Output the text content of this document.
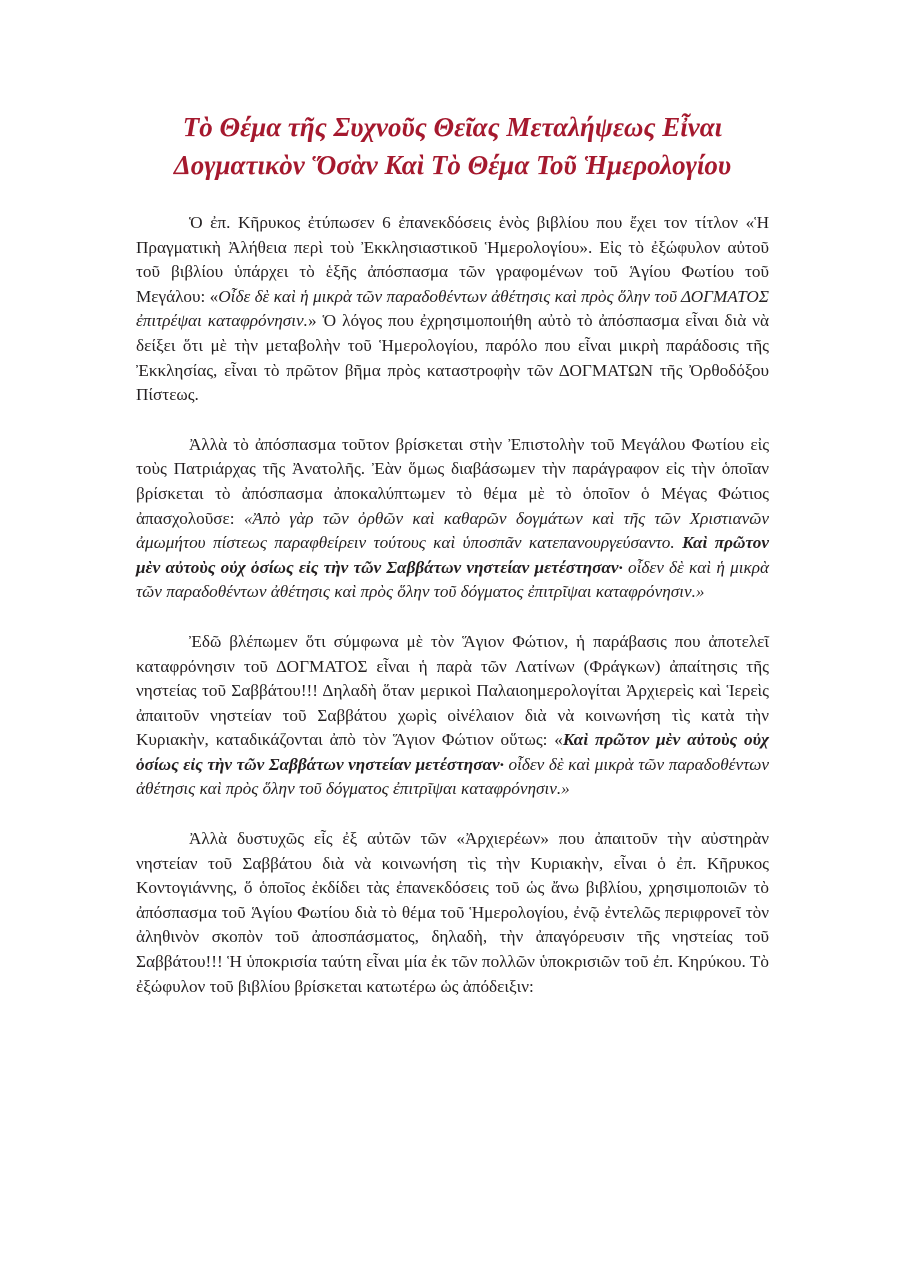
Τὸ Θέμα τῆς Συχνοῦς Θεῖας Μεταλήψεως Εἶναι
Δογματικὸν Ὅσὰν Καὶ Τὸ Θέμα Τοῦ Ἡμερολογίου

Ὁ ἐπ. Κῆρυκος ἐτύπωσεν 6 ἐπανεκδόσεις ἑνὸς βιβλίου που ἔχει τον τίτλον «Ἡ Πραγματικὴ Ἀλήθεια περὶ τοὺ Ἐκκλησιαστικοῦ Ἡμερολογίου». Εἰς τὸ ἐξώφυλον αὐτοῦ τοῦ βιβλίου ὑπάρχει τὸ ἑξῆς ἀπόσπασμα τῶν γραφομένων τοῦ Ἁγίου Φωτίου τοῦ Μεγάλου: «Οἶδε δὲ καὶ ἡ μικρὰ τῶν παραδοθέντων ἀθέτησις καὶ πρὸς ὅλην τοῦ ΔΟΓΜΑΤΟΣ ἐπιτρέψαι καταφρόνησιν.» Ὁ λόγος που ἐχρησιμοποιήθη αὐτὸ τὸ ἀπόσπασμα εἶναι διὰ νὰ δείξει ὅτι μὲ τὴν μεταβολὴν τοῦ Ἡμερολογίου, παρόλο που εἶναι μικρὴ παράδοσις τῆς Ἐκκλησίας, εἶναι τὸ πρῶτον βῆμα πρὸς καταστροφὴν τῶν ΔΟΓΜΑΤΩΝ τῆς Ὀρθοδόξου Πίστεως.

Ἀλλὰ τὸ ἀπόσπασμα τοῦτον βρίσκεται στὴν Ἐπιστολὴν τοῦ Μεγάλου Φωτίου εἰς τοὺς Πατριάρχας τῆς Ἀνατολῆς. Ἐὰν ὅμως διαβάσωμεν τὴν παράγραφον εἰς τὴν ὁποῖαν βρίσκεται τὸ ἀπόσπασμα ἀποκαλύπτωμεν τὸ θέμα μὲ τὸ ὁποῖον ὁ Μέγας Φώτιος ἀπασχολοῦσε: «Ἀπὸ γὰρ τῶν ὀρθῶν καὶ καθαρῶν δογμάτων καὶ τῆς τῶν Χριστιανῶν ἀμωμήτου πίστεως παραφθείρειν τούτους καὶ ὑποσπᾶν κατεπανουργεύσαντο. Καὶ πρῶτον μὲν αὐτοὺς οὐχ ὁσίως εἰς τὴν τῶν Σαββάτων νηστείαν μετέστησαν· οἶδεν δὲ καὶ ἡ μικρὰ τῶν παραδοθέντων ἀθέτησις καὶ πρὸς ὅλην τοῦ δόγματος ἐπιτρῖψαι καταφρόνησιν.»

Ἐδῶ βλέπωμεν ὅτι σύμφωνα μὲ τὸν Ἅγιον Φώτιον, ἡ παράβασις που ἀποτελεῖ καταφρόνησιν τοῦ ΔΟΓΜΑΤΟΣ εἶναι ἡ παρὰ τῶν Λατίνων (Φράγκων) ἀπαίτησις τῆς νηστείας τοῦ Σαββάτου!!! Δηλαδὴ ὅταν μερικοὶ Παλαιοημερολογίται Ἀρχιερεὶς καὶ Ἱερεὶς ἀπαιτοῦν νηστείαν τοῦ Σαββάτου χωρὶς οἰνέλαιον διὰ νὰ κοινωνήση τὶς κατὰ τὴν Κυριακὴν, καταδικάζονται ἀπὸ τὸν Ἅγιον Φώτιον οὕτως: «Καὶ πρῶτον μὲν αὐτοὺς οὐχ ὁσίως εἰς τὴν τῶν Σαββάτων νηστείαν μετέστησαν· οἶδεν δὲ καὶ μικρὰ τῶν παραδοθέντων ἀθέτησις καὶ πρὸς ὅλην τοῦ δόγματος ἐπιτρῖψαι καταφρόνησιν.»

Ἀλλὰ δυστυχῶς εἷς ἐξ αὐτῶν τῶν «Ἀρχιερέων» που ἀπαιτοῦν τὴν αὐστηρὰν νηστείαν τοῦ Σαββάτου διὰ νὰ κοινωνήση τὶς τὴν Κυριακὴν, εἶναι ὁ ἐπ. Κῆρυκος Κοντογιάννης, ὅ ὁποῖος ἐκδίδει τὰς ἐπανεκδόσεις τοῦ ὡς ἄνω βιβλίου, χρησιμοποιῶν τὸ ἀπόσπασμα τοῦ Ἁγίου Φωτίου διὰ τὸ θέμα τοῦ Ἡμερολογίου, ἐνῷ ἐντελῶς περιφρονεῖ τὸν ἀληθινὸν σκοπὸν τοῦ ἀποσπάσματος, δηλαδὴ, τὴν ἀπαγόρευσιν τῆς νηστείας τοῦ Σαββάτου!!! Ἡ ὑποκρισία ταύτη εἶναι μία ἐκ τῶν πολλῶν ὑποκρισιῶν τοῦ ἐπ. Κηρύκου. Τὸ ἐξώφυλον τοῦ βιβλίου βρίσκεται κατωτέρω ὡς ἀπόδειξιν:
